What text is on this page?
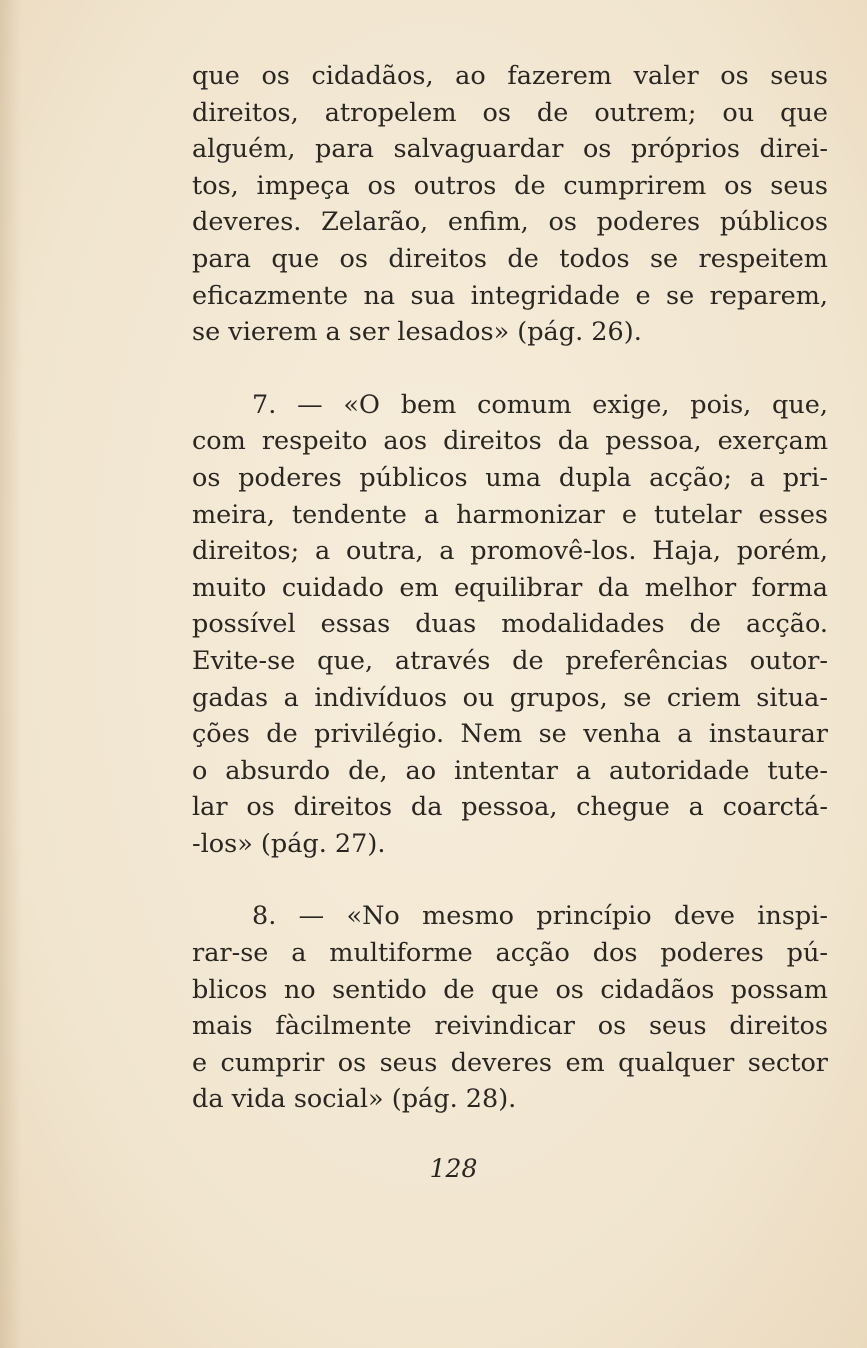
que os cidadãos, ao fazerem valer os seus
direitos, atropelem os de outrem; ou que
alguém, para salvaguardar os próprios direi-
tos, impeça os outros de cumprirem os seus
deveres. Zelarão, enfim, os poderes públicos
para que os direitos de todos se respeitem
eficazmente na sua integridade e se reparem,
se vierem a ser lesados» (pág. 26).
7. — «O bem comum exige, pois, que,
com respeito aos direitos da pessoa, exerçam
os poderes públicos uma dupla acção; a pri-
meira, tendente a harmonizar e tutelar esses
direitos; a outra, a promovê-los. Haja, porém,
muito cuidado em equilibrar da melhor forma
possível essas duas modalidades de acção.
Evite-se que, através de preferências outor-
gadas a indivíduos ou grupos, se criem situa-
ções de privilégio. Nem se venha a instaurar
o absurdo de, ao intentar a autoridade tute-
lar os direitos da pessoa, chegue a coarctá-
-los» (pág. 27).
8. — «No mesmo princípio deve inspi-
rar-se a multiforme acção dos poderes pú-
blicos no sentido de que os cidadãos possam
mais fàcilmente reivindicar os seus direitos
e cumprir os seus deveres em qualquer sector
da vida social» (pág. 28).
128
